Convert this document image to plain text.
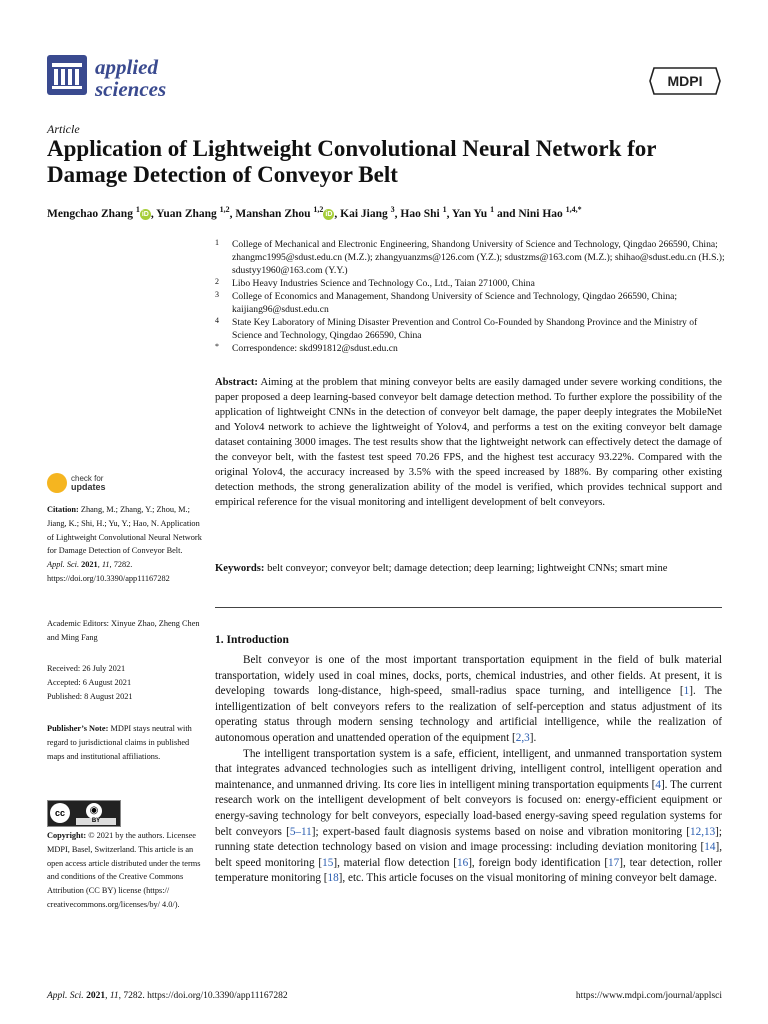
applied
sciences	MDPI
Article
Application of Lightweight Convolutional Neural Network for Damage Detection of Conveyor Belt
Mengchao Zhang $^1$iD , Yuan Zhang $^{1,2}$, Manshan Zhou $^{1,2}$iD , Kai Jiang $^3$, Hao Shi $^1$, Yan Yu $^1$ and Nini Hao $^{1,4,*}$

1 College of Mechanical and Electronic Engineering, Shandong University of Science and Technology, Qingdao 266590, China; zhangmc1995@sdust.edu.cn (M.Z.); zhangyuanzms@126.com (Y.Z.); sdustzms@163.com (M.Z.); shihao@sdust.edu.cn (H.S.); sdustyy1960@163.com (Y.Y.)

2 Libo Heavy Industries Science and Technology Co., Ltd., Taian 271000, China

3 College of Economics and Management, Shandong University of Science and Technology, Qingdao 266590, China; kaijiang96@sdust.edu.cn

4 State Key Laboratory of Mining Disaster Prevention and Control Co-Founded by Shandong Province and the Ministry of Science and Technology, Qingdao 266590, China

* Correspondence: skd991812@sdust.edu.cn

Abstract: Aiming at the problem that mining conveyor belts are easily damaged under severe working conditions, the paper proposed a deep learning-based conveyor belt damage detection method. To further explore the possibility of the application of lightweight CNNs in the detection of conveyor belt damage, the paper deeply integrates the MobileNet and Yolov4 network to achieve the lightweight of Yolov4, and performs a test on the exiting conveyor belt damage dataset containing 3000 images. The test results show that the lightweight network can effectively detect the damage of the conveyor belt, with the fastest test speed 70.26 FPS, and the highest test accuracy 93.22%. Compared with the original Yolov4, the accuracy increased by 3.5% with the speed increased by 188%. By comparing other existing detection methods, the strong generalization ability of the model is verified, which provides technical support and empirical reference for the visual monitoring and intelligent development of belt conveyors.
Keywords: belt conveyor; conveyor belt; damage detection; deep learning; lightweight CNNs; smart mine
1. Introduction

Belt conveyor is one of the most important transportation equipment in the field of bulk material transportation, widely used in coal mines, docks, ports, chemical industries, and other fields. At present, it is developing towards long-distance, high-speed, small-radius space turning, and intelligence [1]. The intelligentization of belt conveyors refers to the realization of self-perception and status adjustment of its operating status through modern sensing technology and artificial intelligence, while the realization of autonomous operation and unattended operation of the equipment [2,3].

The intelligent transportation system is a safe, efficient, intelligent, and unmanned transportation system that integrates advanced technologies such as intelligent driving, intelligent control, intelligent operation and maintenance, and unmanned driving. Its core lies in intelligent mining transportation equipments [4]. The current research work on the intelligent development of belt conveyors is focused on: energy-efficient equipment or energy-saving technology for belt conveyors, especially load-based energy-saving speed regulation systems for belt conveyors [5–11]; expert-based fault diagnosis systems based on noise and vibration monitoring [12,13]; running state detection technology based on vision and image processing: including deviation monitoring [14], belt speed monitoring [15], material flow detection [16], foreign body identification [17], tear detection, roller temperature monitoring [18], etc. This article focuses on the visual monitoring of mining conveyor belt damage.

check for
updates
Citation: Zhang, M.; Zhang, Y.; Zhou, M.; Jiang, K.; Shi, H.; Yu, Y.; Hao, N. Application of Lightweight Convolutional Neural Network for Damage Detection of Conveyor Belt. Appl. Sci. 2021, 11, 7282. https://doi.org/10.3390/app11167282
Academic Editors: Xinyue Zhao, Zheng Chen and Ming Fang
Received: 26 July 2021
Accepted: 6 August 2021
Published: 8 August 2021
Publisher’s Note: MDPI stays neutral with regard to jurisdictional claims in published maps and institutional affiliations.
cc	◉
BY
Copyright: © 2021 by the authors. Licensee MDPI, Basel, Switzerland. This article is an open access article distributed under the terms and conditions of the Creative Commons Attribution (CC BY) license (https:// creativecommons.org/licenses/by/ 4.0/).
Appl. Sci. 2021, 11, 7282. https://doi.org/10.3390/app11167282	https://www.mdpi.com/journal/applsci
